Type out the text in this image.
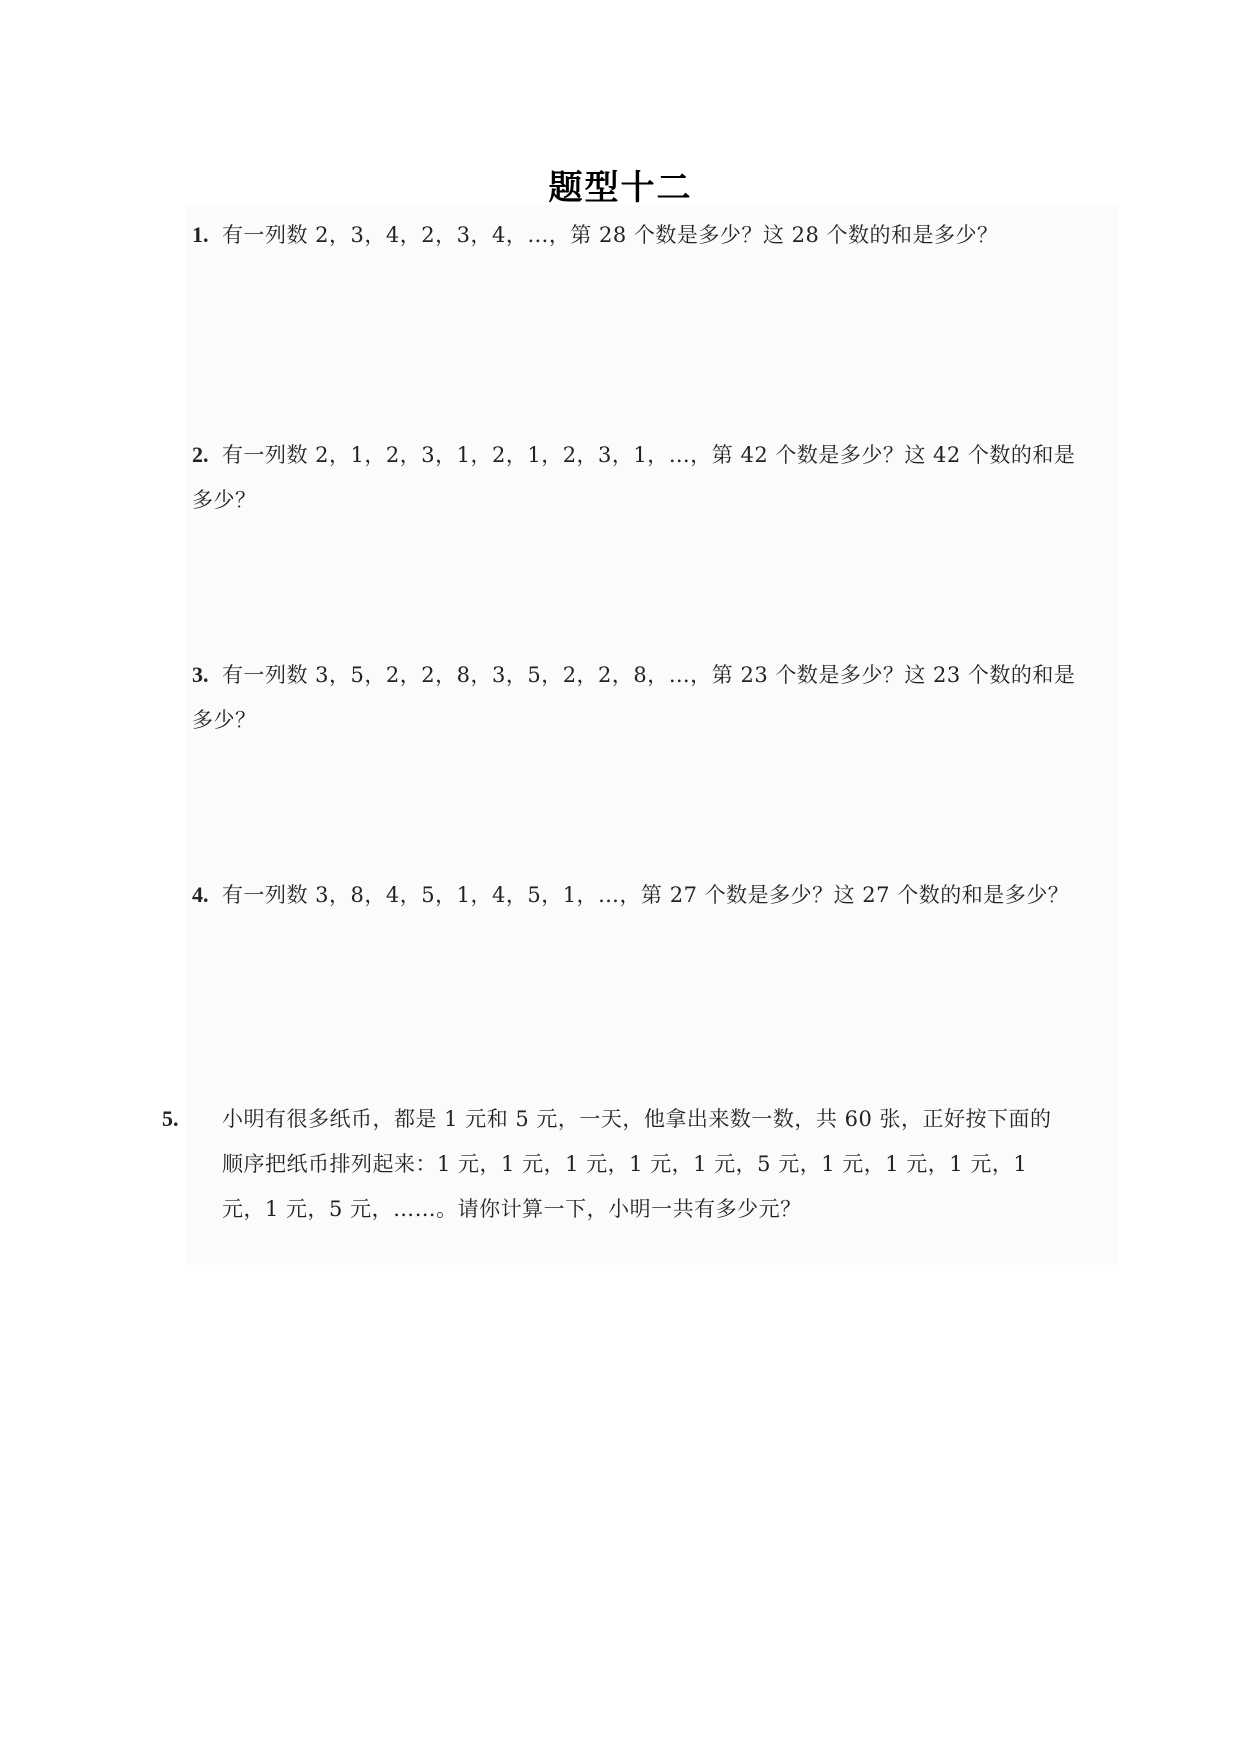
题型十二
1. 有一列数 2，3，4，2，3，4，…，第 28 个数是多少？这 28 个数的和是多少？
2. 有一列数 2，1，2，3，1，2，1，2，3，1，…，第 42 个数是多少？这 42 个数的和是多少？
3. 有一列数 3，5，2，2，8，3，5，2，2，8，…，第 23 个数是多少？这 23 个数的和是多少？
4. 有一列数 3，8，4，5，1，4，5，1，…，第 27 个数是多少？这 27 个数的和是多少？
5. 小明有很多纸币，都是 1 元和 5 元，一天，他拿出来数一数，共 60 张，正好按下面的顺序把纸币排列起来：1 元，1 元，1 元，1 元，1 元，5 元，1 元，1 元，1 元，1 元，1 元，5 元，……。请你计算一下，小明一共有多少元？
